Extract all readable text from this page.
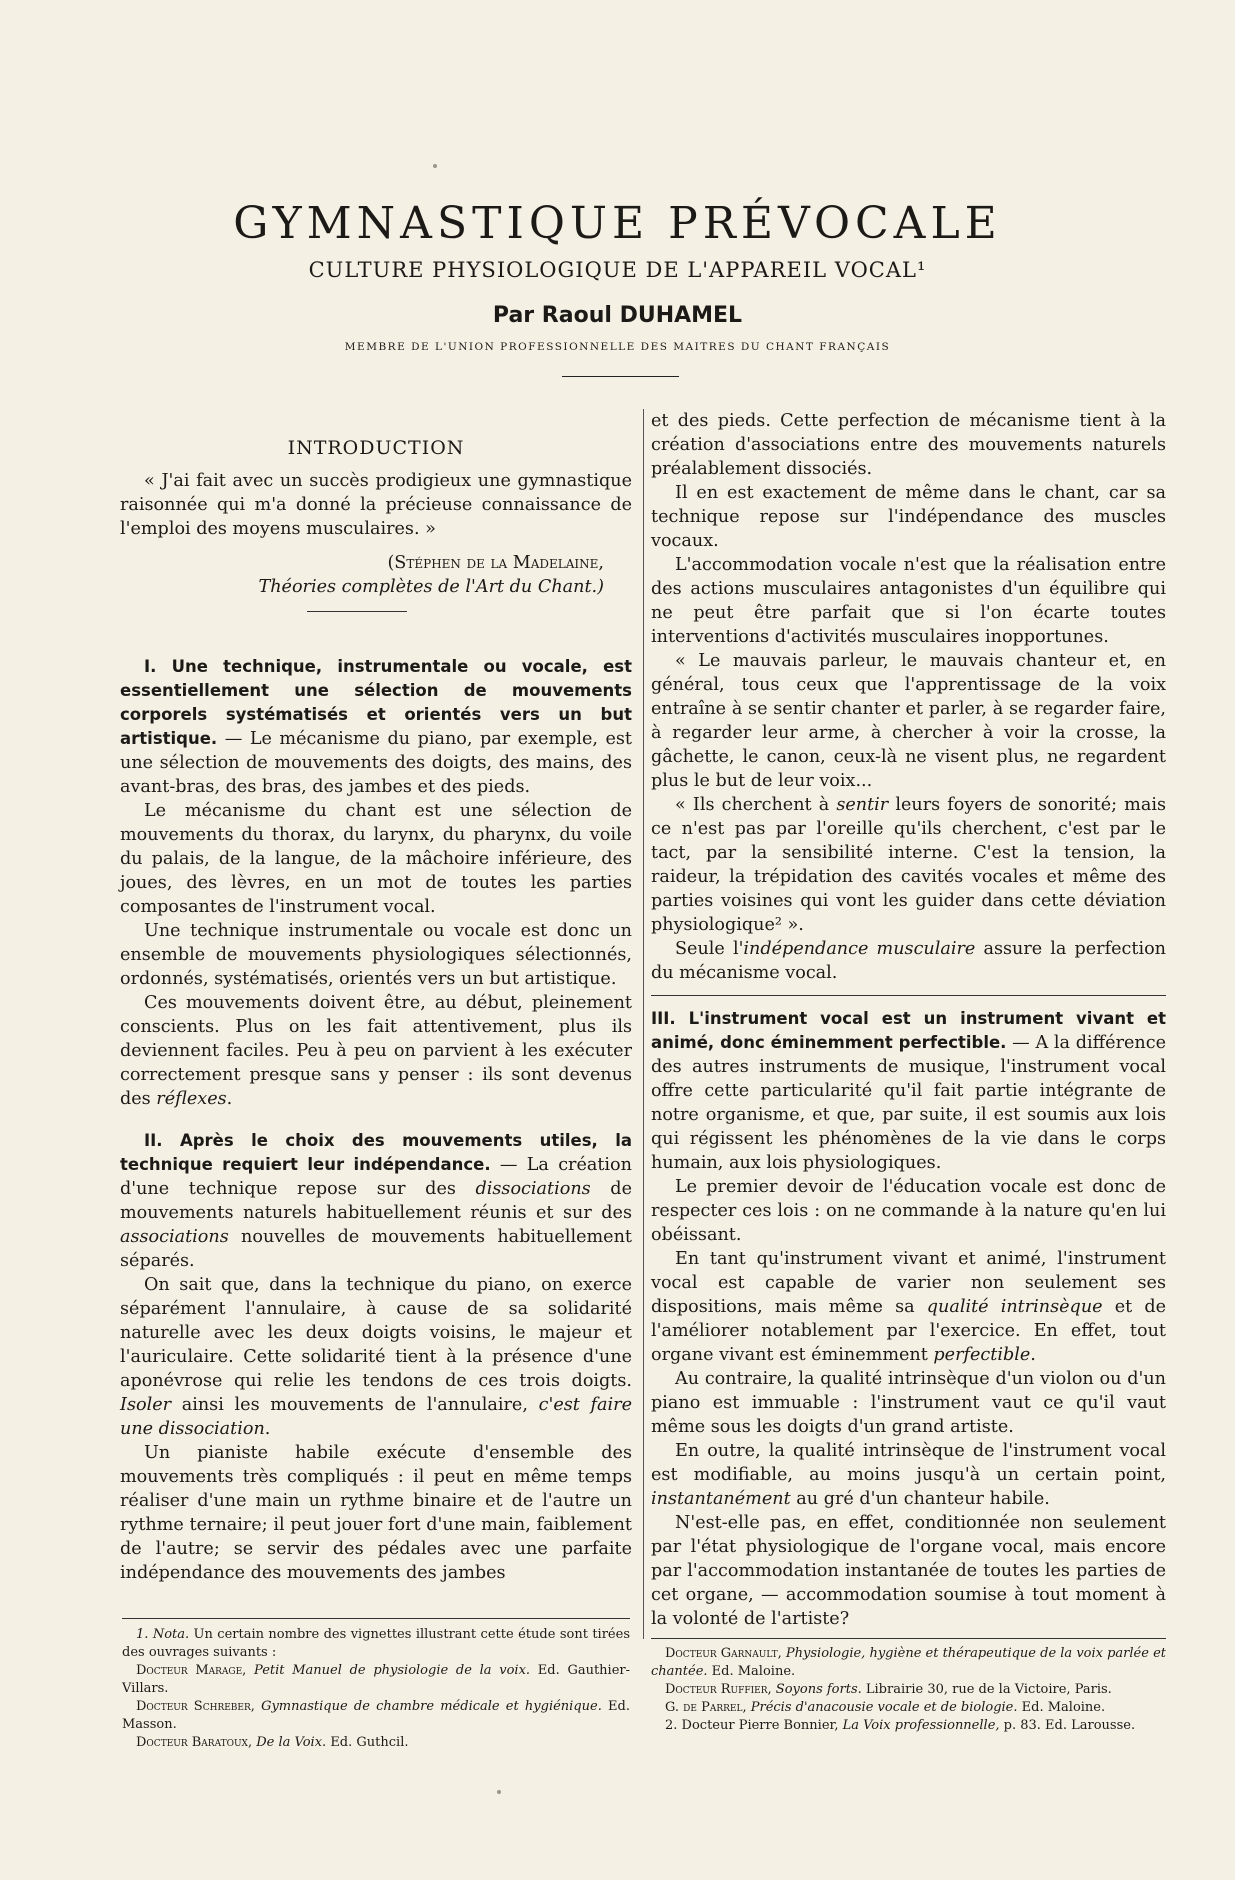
GYMNASTIQUE PRÉVOCALE
CULTURE PHYSIOLOGIQUE DE L'APPAREIL VOCAL¹
Par Raoul DUHAMEL
MEMBRE DE L'UNION PROFESSIONNELLE DES MAITRES DU CHANT FRANÇAIS
INTRODUCTION

« J'ai fait avec un succès prodigieux une gymnastique raisonnée qui m'a donné la précieuse connaissance de l'emploi des moyens musculaires. »

(Stéphen de la Madelaine,
Théories complètes de l'Art du Chant.)

I. Une technique, instrumentale ou vocale, est essentiellement une sélection de mouvements corporels systématisés et orientés vers un but artistique. — Le mécanisme du piano, par exemple, est une sélection de mouvements des doigts, des mains, des avant-bras, des bras, des jambes et des pieds.

Le mécanisme du chant est une sélection de mouvements du thorax, du larynx, du pharynx, du voile du palais, de la langue, de la mâchoire inférieure, des joues, des lèvres, en un mot de toutes les parties composantes de l'instrument vocal.

Une technique instrumentale ou vocale est donc un ensemble de mouvements physiologiques sélectionnés, ordonnés, systématisés, orientés vers un but artistique.

Ces mouvements doivent être, au début, pleinement conscients. Plus on les fait attentivement, plus ils deviennent faciles. Peu à peu on parvient à les exécuter correctement presque sans y penser : ils sont devenus des réflexes.

II. Après le choix des mouvements utiles, la technique requiert leur indépendance. — La création d'une technique repose sur des dissociations de mouvements naturels habituellement réunis et sur des associations nouvelles de mouvements habituellement séparés.

On sait que, dans la technique du piano, on exerce séparément l'annulaire, à cause de sa solidarité naturelle avec les deux doigts voisins, le majeur et l'auriculaire. Cette solidarité tient à la présence d'une aponévrose qui relie les tendons de ces trois doigts. Isoler ainsi les mouvements de l'annulaire, c'est faire une dissociation.

Un pianiste habile exécute d'ensemble des mouvements très compliqués : il peut en même temps réaliser d'une main un rythme binaire et de l'autre un rythme ternaire; il peut jouer fort d'une main, faiblement de l'autre; se servir des pédales avec une parfaite indépendance des mouvements des jambes

et des pieds. Cette perfection de mécanisme tient à la création d'associations entre des mouvements naturels préalablement dissociés.

Il en est exactement de même dans le chant, car sa technique repose sur l'indépendance des muscles vocaux.

L'accommodation vocale n'est que la réalisation entre des actions musculaires antagonistes d'un équilibre qui ne peut être parfait que si l'on écarte toutes interventions d'activités musculaires inopportunes.

« Le mauvais parleur, le mauvais chanteur et, en général, tous ceux que l'apprentissage de la voix entraîne à se sentir chanter et parler, à se regarder faire, à regarder leur arme, à chercher à voir la crosse, la gâchette, le canon, ceux-là ne visent plus, ne regardent plus le but de leur voix...

« Ils cherchent à sentir leurs foyers de sonorité; mais ce n'est pas par l'oreille qu'ils cherchent, c'est par le tact, par la sensibilité interne. C'est la tension, la raideur, la trépidation des cavités vocales et même des parties voisines qui vont les guider dans cette déviation physiologique² ».

Seule l'indépendance musculaire assure la perfection du mécanisme vocal.

III. L'instrument vocal est un instrument vivant et animé, donc éminemment perfectible. — A la différence des autres instruments de musique, l'instrument vocal offre cette particularité qu'il fait partie intégrante de notre organisme, et que, par suite, il est soumis aux lois qui régissent les phénomènes de la vie dans le corps humain, aux lois physiologiques.

Le premier devoir de l'éducation vocale est donc de respecter ces lois : on ne commande à la nature qu'en lui obéissant.

En tant qu'instrument vivant et animé, l'instrument vocal est capable de varier non seulement ses dispositions, mais même sa qualité intrinsèque et de l'améliorer notablement par l'exercice. En effet, tout organe vivant est éminemment perfectible.

Au contraire, la qualité intrinsèque d'un violon ou d'un piano est immuable : l'instrument vaut ce qu'il vaut même sous les doigts d'un grand artiste.

En outre, la qualité intrinsèque de l'instrument vocal est modifiable, au moins jusqu'à un certain point, instantanément au gré d'un chanteur habile.

N'est-elle pas, en effet, conditionnée non seulement par l'état physiologique de l'organe vocal, mais encore par l'accommodation instantanée de toutes les parties de cet organe, — accommodation soumise à tout moment à la volonté de l'artiste?

1. Nota. Un certain nombre des vignettes illustrant cette étude sont tirées des ouvrages suivants :

Docteur Marage, Petit Manuel de physiologie de la voix. Ed. Gauthier-Villars.

Docteur Schreber, Gymnastique de chambre médicale et hygiénique. Ed. Masson.

Docteur Baratoux, De la Voix. Ed. Guthcil.

Docteur Garnault, Physiologie, hygiène et thérapeutique de la voix parlée et chantée. Ed. Maloine.

Docteur Ruffier, Soyons forts. Librairie 30, rue de la Victoire, Paris.

G. de Parrel, Précis d'anacousie vocale et de biologie. Ed. Maloine.

2. Docteur Pierre Bonnier, La Voix professionnelle, p. 83. Ed. Larousse.
